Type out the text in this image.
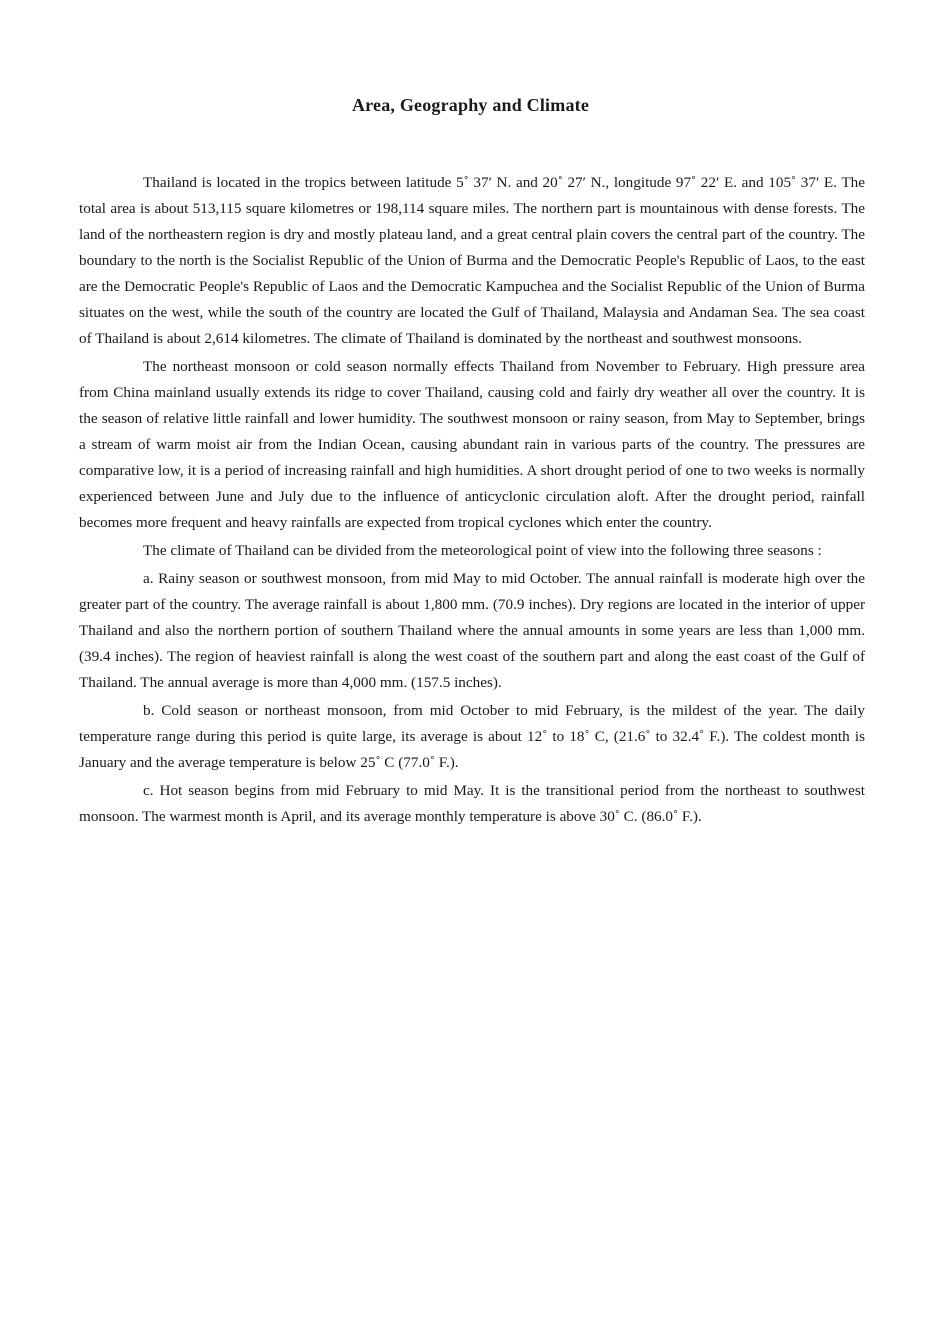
Area, Geography and Climate

Thailand is located in the tropics between latitude 5˚ 37′ N. and 20˚ 27′ N., longitude 97˚ 22′ E. and 105˚ 37′ E. The total area is about 513,115 square kilometres or 198,114 square miles. The northern part is mountainous with dense forests. The land of the northeastern region is dry and mostly plateau land, and a great central plain covers the central part of the country. The boundary to the north is the Socialist Republic of the Union of Burma and the Democratic People's Republic of Laos, to the east are the Democratic People's Republic of Laos and the Democratic Kampuchea and the Socialist Republic of the Union of Burma situates on the west, while the south of the country are located the Gulf of Thailand, Malaysia and Andaman Sea. The sea coast of Thailand is about 2,614 kilometres. The climate of Thailand is dominated by the northeast and southwest monsoons.

The northeast monsoon or cold season normally effects Thailand from November to February. High pressure area from China mainland usually extends its ridge to cover Thailand, causing cold and fairly dry weather all over the country. It is the season of relative little rainfall and lower humidity. The southwest monsoon or rainy season, from May to September, brings a stream of warm moist air from the Indian Ocean, causing abundant rain in various parts of the country. The pressures are comparative low, it is a period of increasing rainfall and high humidities. A short drought period of one to two weeks is normally experienced between June and July due to the influence of anticyclonic circulation aloft. After the drought period, rainfall becomes more frequent and heavy rainfalls are expected from tropical cyclones which enter the country.

The climate of Thailand can be divided from the meteorological point of view into the following three seasons :

a. Rainy season or southwest monsoon, from mid May to mid October. The annual rainfall is moderate high over the greater part of the country. The average rainfall is about 1,800 mm. (70.9 inches). Dry regions are located in the interior of upper Thailand and also the northern portion of southern Thailand where the annual amounts in some years are less than 1,000 mm. (39.4 inches). The region of heaviest rainfall is along the west coast of the southern part and along the east coast of the Gulf of Thailand. The annual average is more than 4,000 mm. (157.5 inches).

b. Cold season or northeast monsoon, from mid October to mid February, is the mildest of the year. The daily temperature range during this period is quite large, its average is about 12˚ to 18˚ C, (21.6˚ to 32.4˚ F.). The coldest month is January and the average temperature is below 25˚ C (77.0˚ F.).

c. Hot season begins from mid February to mid May. It is the transitional period from the northeast to southwest monsoon. The warmest month is April, and its average monthly temperature is above 30˚ C. (86.0˚ F.).
